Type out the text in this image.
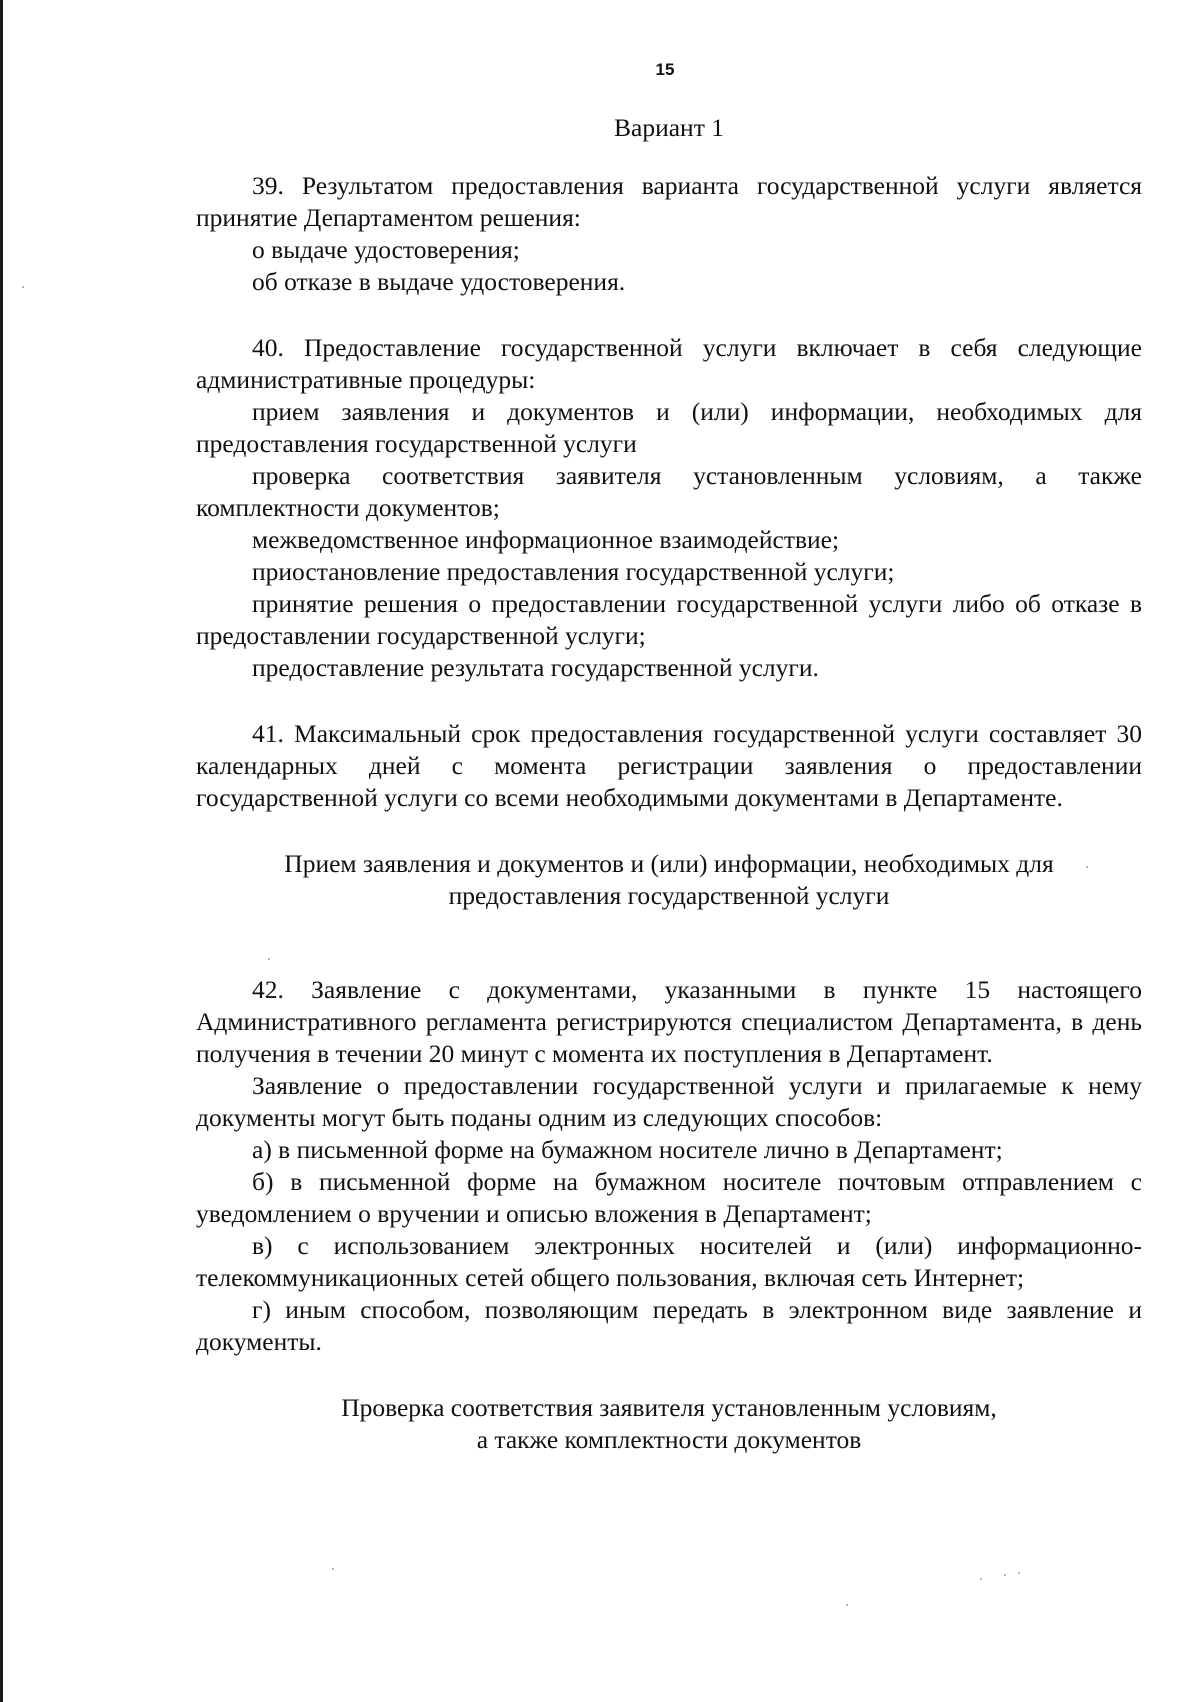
15

Вариант 1

39. Результатом предоставления варианта государственной услуги является принятие Департаментом решения:

о выдаче удостоверения;

об отказе в выдаче удостоверения.

40. Предоставление государственной услуги включает в себя следующие административные процедуры:

прием заявления и документов и (или) информации, необходимых для предоставления государственной услуги

проверка соответствия заявителя установленным условиям, а также комплектности документов;

межведомственное информационное взаимодействие;

приостановление предоставления государственной услуги;

принятие решения о предоставлении государственной услуги либо об отказе в предоставлении государственной услуги;

предоставление результата государственной услуги.

41. Максимальный срок предоставления государственной услуги составляет 30 календарных дней с момента регистрации заявления о предоставлении государственной услуги со всеми необходимыми документами в Департаменте.

Прием заявления и документов и (или) информации, необходимых для

предоставления государственной услуги

42. Заявление с документами, указанными в пункте 15 настоящего Административного регламента регистрируются специалистом Департамента, в день получения в течении 20 минут с момента их поступления в Департамент.

Заявление о предоставлении государственной услуги и прилагаемые к нему документы могут быть поданы одним из следующих способов:

а) в письменной форме на бумажном носителе лично в Департамент;

б) в письменной форме на бумажном носителе почтовым отправлением с уведомлением о вручении и описью вложения в Департамент;

в) с использованием электронных носителей и (или) информационно-телекоммуникационных сетей общего пользования, включая сеть Интернет;

г) иным способом, позволяющим передать в электронном виде заявление и документы.

Проверка соответствия заявителя установленным условиям,

а также комплектности документов
